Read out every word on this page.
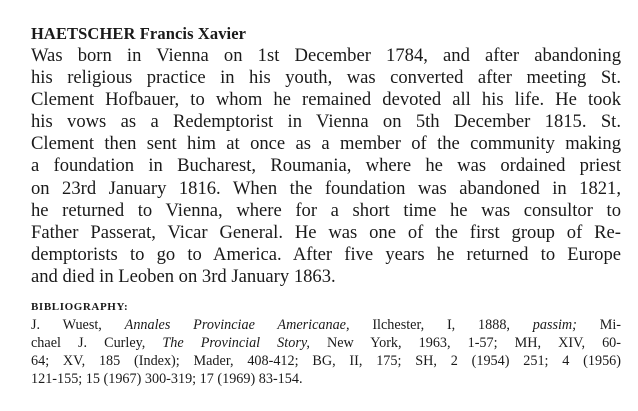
HAETSCHER Francis Xavier
Was born in Vienna on 1st December 1784, and after abandoning
his religious practice in his youth, was converted after meeting St.
Clement Hofbauer, to whom he remained devoted all his life. He took
his vows as a Redemptorist in Vienna on 5th December 1815. St.
Clement then sent him at once as a member of the community making
a foundation in Bucharest, Roumania, where he was ordained priest
on 23rd January 1816. When the foundation was abandoned in 1821,
he returned to Vienna, where for a short time he was consultor to
Father Passerat, Vicar General. He was one of the first group of Re-
demptorists to go to America. After five years he returned to Europe
and died in Leoben on 3rd January 1863.
BIBLIOGRAPHY:
J. Wuest, Annales Provinciae Americanae, Ilchester, I, 1888, passim; Mi-
chael J. Curley, The Provincial Story, New York, 1963, 1-57; MH, XIV, 60-
64; XV, 185 (Index); Mader, 408-412; BG, II, 175; SH, 2 (1954) 251; 4 (1956)
121-155; 15 (1967) 300-319; 17 (1969) 83-154.
